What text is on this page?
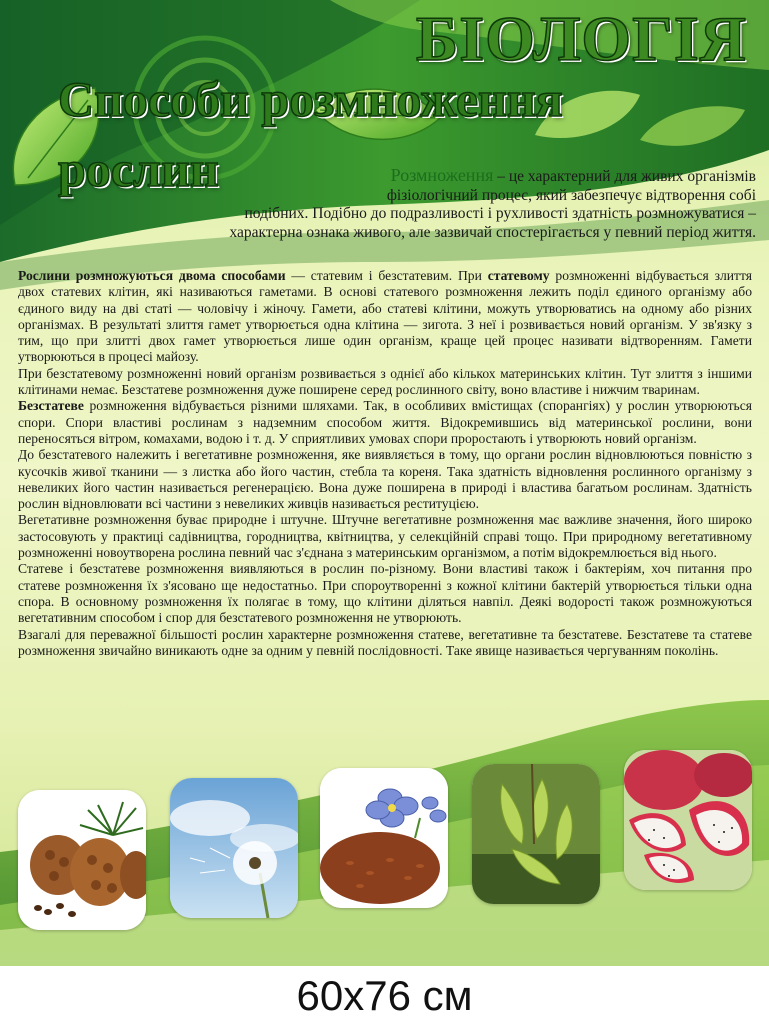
БІОЛОГІЯ
Способи розмноження
рослин	Розмноження – це характерний для живих організмів
фізіологічний процес, який забезпечує відтворення собі
подібних. Подібно до подразливості і рухливості здатність розмножуватися –
характерна ознака живого, але зазвичай спостерігається у певний період життя.

Рослини розмножуються двома способами — статевим і безстатевим. При статевому розмноженні відбувається злиття двох статевих клітин, які називаються гаметами. В основі статевого розмноження лежить поділ єдиного організму або єдиного виду на дві статі — чоловічу і жіночу. Гамети, або статеві клітини, можуть утворюватись на одному або різних організмах. В результаті злиття гамет утворюється одна клітина — зигота. З неї і розвивається новий організм. У зв'язку з тим, що при злитті двох гамет утворюється лише один організм, краще цей процес називати відтворенням. Гамети утворюються в процесі майозу.

При безстатевому розмноженні новий організм розвивається з однієї або кількох материнських клітин. Тут злиття з іншими клітинами немає. Безстатеве розмноження дуже поширене серед рослинного світу, воно властиве і нижчим тваринам.

Безстатеве розмноження відбувається різними шляхами. Так, в особливих вмістищах (спорангіях) у рослин утворюються спори. Спори властиві рослинам з надземним способом життя. Відокремившись від материнської рослини, вони переносяться вітром, комахами, водою і т. д. У сприятливих умовах спори проростають і утворюють новий організм.

До безстатевого належить і вегетативне розмноження, яке виявляється в тому, що органи рослин відновлюються повністю з кусочків живої тканини — з листка або його частин, стебла та кореня. Така здатність відновлення рослинного організму з невеликих його частин називається регенерацією. Вона дуже поширена в природі і властива багатьом рослинам. Здатність рослин відновлювати всі частини з невеликих живців називається реституцією.

Вегетативне розмноження буває природне і штучне. Штучне вегетативне розмноження має важливе значення, його широко застосовують у практиці садівництва, городництва, квітництва, у селекційній справі тощо. При природному вегетативному розмноженні новоутворена рослина певний час з'єднана з материнським організмом, а потім відокремлюється від нього.

Статеве і безстатеве розмноження виявляються в рослин по-різному. Вони властиві також і бактеріям, хоч питання про статеве розмноження їх з'ясовано ще недостатньо. При спороутворенні з кожної клітини бактерій утворюється тільки одна спора. В основному розмноження їх полягає в тому, що клітини діляться навпіл. Деякі водорості також розмножуються вегетативним способом і спор для безстатевого розмноження не утворюють.

Взагалі для переважної більшості рослин характерне розмноження статеве, вегетативне та безстатеве. Безстатеве та статеве розмноження звичайно виникають одне за одним у певній послідовності. Таке явище називається чергуванням поколінь.

60x76 см
